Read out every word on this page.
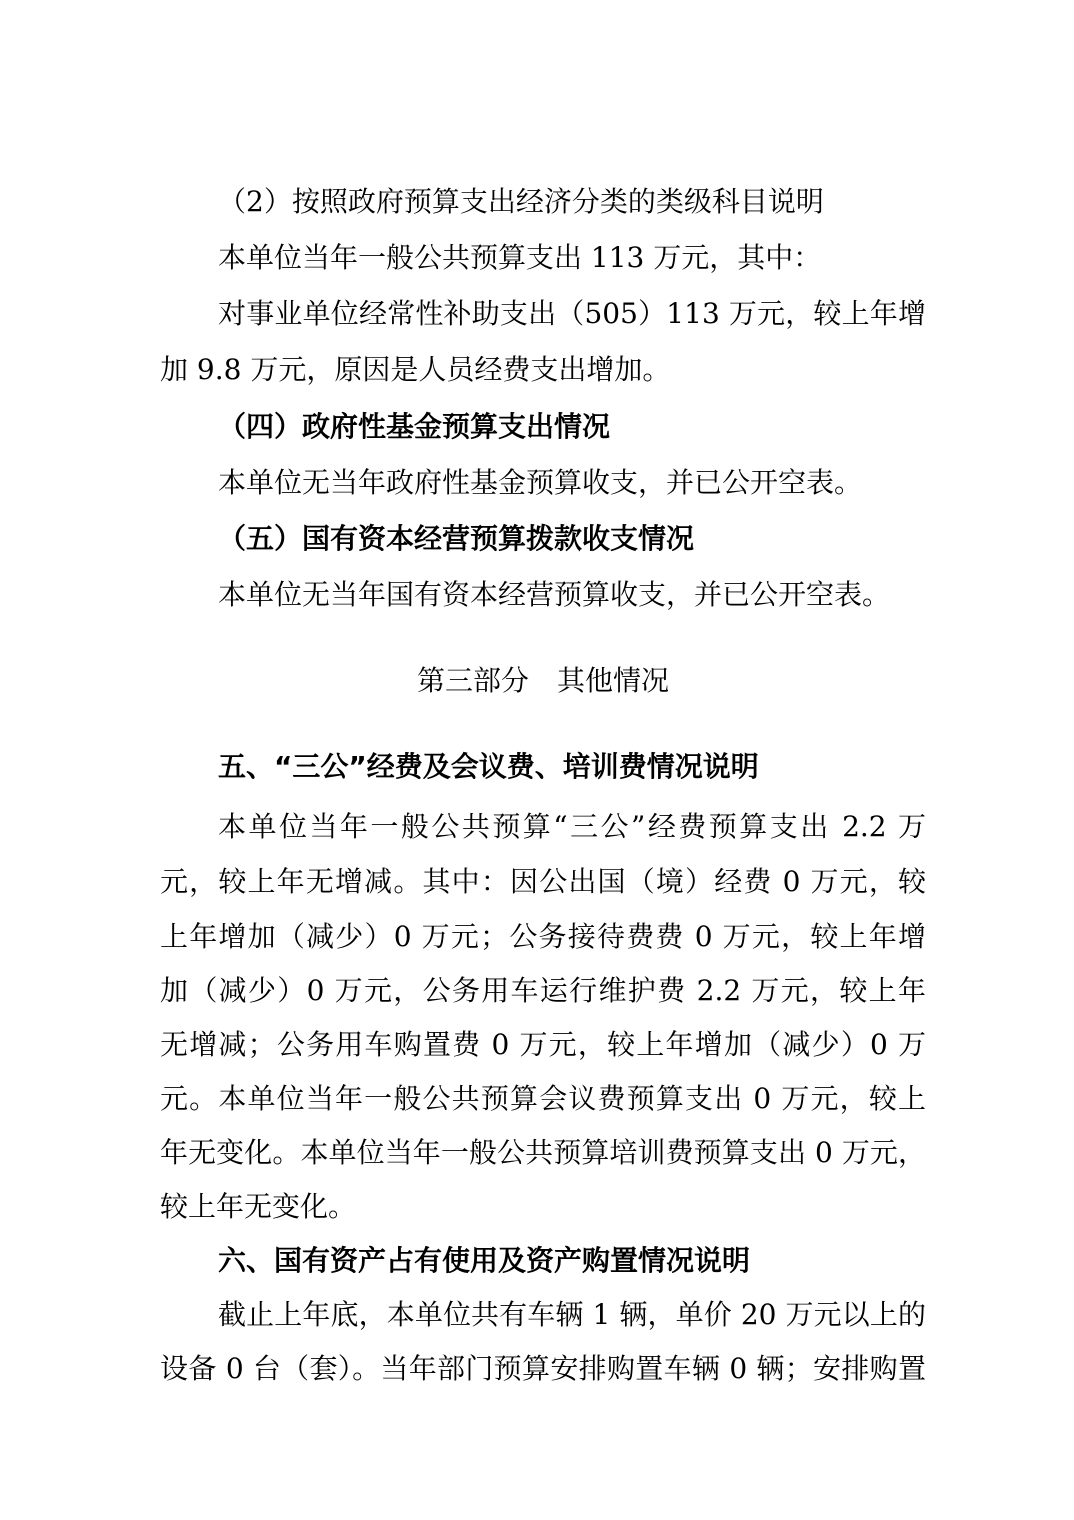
（2）按照政府预算支出经济分类的类级科目说明
本单位当年一般公共预算支出 113 万元，其中：
对事业单位经常性补助支出（505）113 万元，较上年增
加 9.8 万元，原因是人员经费支出增加。
（四）政府性基金预算支出情况
本单位无当年政府性基金预算收支，并已公开空表。
（五）国有资本经营预算拨款收支情况
本单位无当年国有资本经营预算收支，并已公开空表。
第三部分　其他情况
五、“三公”经费及会议费、培训费情况说明
本单位当年一般公共预算“三公”经费预算支出 2.2 万
元，较上年无增减。其中：因公出国（境）经费 0 万元，较
上年增加（减少）0 万元；公务接待费费 0 万元，较上年增
加（减少）0 万元，公务用车运行维护费 2.2 万元，较上年
无增减；公务用车购置费 0 万元，较上年增加（减少）0 万
元。本单位当年一般公共预算会议费预算支出 0 万元，较上
年无变化。本单位当年一般公共预算培训费预算支出 0 万元，
较上年无变化。
六、国有资产占有使用及资产购置情况说明
截止上年底，本单位共有车辆 1 辆，单价 20 万元以上的
设备 0 台（套）。当年部门预算安排购置车辆 0 辆；安排购置
